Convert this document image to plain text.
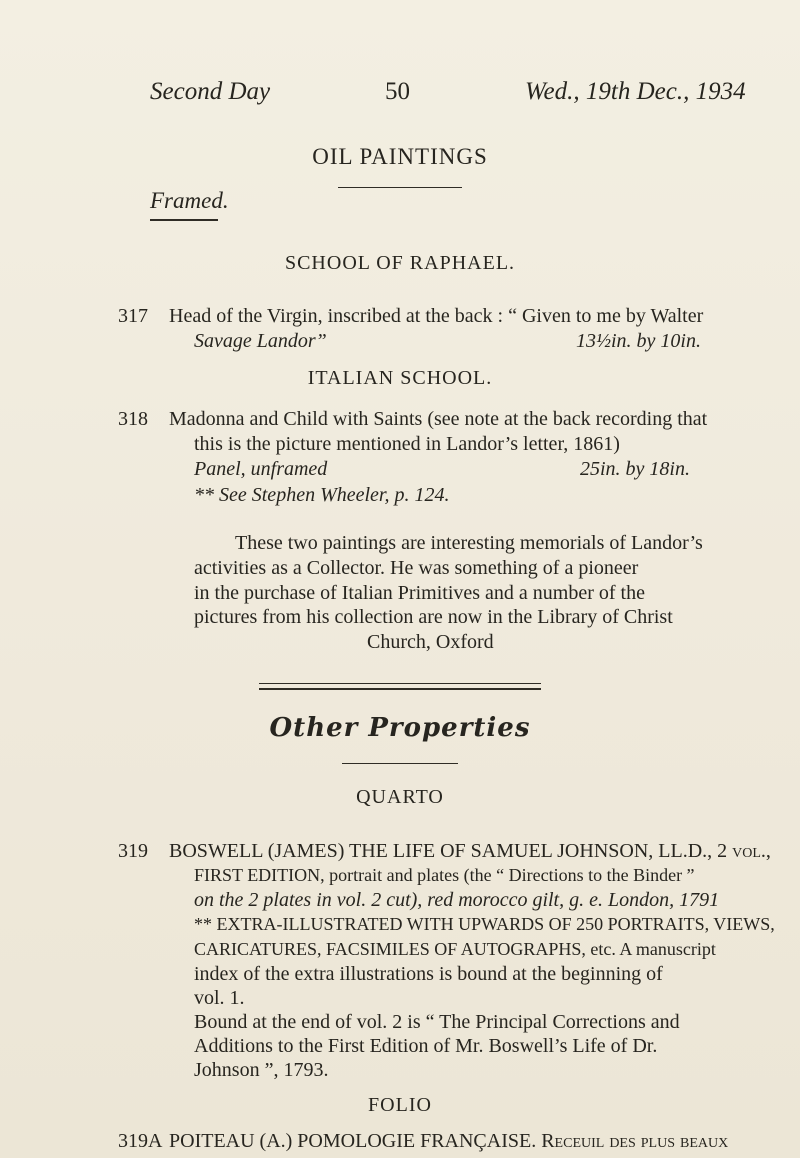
Second Day	50	Wed., 19th Dec., 1934
OIL PAINTINGS
Framed.
SCHOOL OF RAPHAEL.
317 Head of the Virgin, inscribed at the back : “ Given to me by Walter
Savage Landor”	13½in. by 10in.
ITALIAN SCHOOL.
318 Madonna and Child with Saints (see note at the back recording that
this is the picture mentioned in Landor’s letter, 1861)
Panel, unframed	25in. by 18in.
** See Stephen Wheeler, p. 124.
These two paintings are interesting memorials of Landor’s
activities as a Collector. He was something of a pioneer
in the purchase of Italian Primitives and a number of the
pictures from his collection are now in the Library of Christ
Church, Oxford
Other Properties
QUARTO
319 BOSWELL (JAMES) THE LIFE OF SAMUEL JOHNSON, LL.D., 2 vol.,
FIRST EDITION, portrait and plates (the “ Directions to the Binder ”
on the 2 plates in vol. 2 cut), red morocco gilt, g. e. London, 1791
** EXTRA-ILLUSTRATED WITH UPWARDS OF 250 PORTRAITS, VIEWS,
CARICATURES, FACSIMILES OF AUTOGRAPHS, etc. A manuscript
index of the extra illustrations is bound at the beginning of
vol. 1.
Bound at the end of vol. 2 is “ The Principal Corrections and
Additions to the First Edition of Mr. Boswell’s Life of Dr.
Johnson ”, 1793.
FOLIO
319A POITEAU (A.) POMOLOGIE FRANÇAISE. Receuil des plus beaux
